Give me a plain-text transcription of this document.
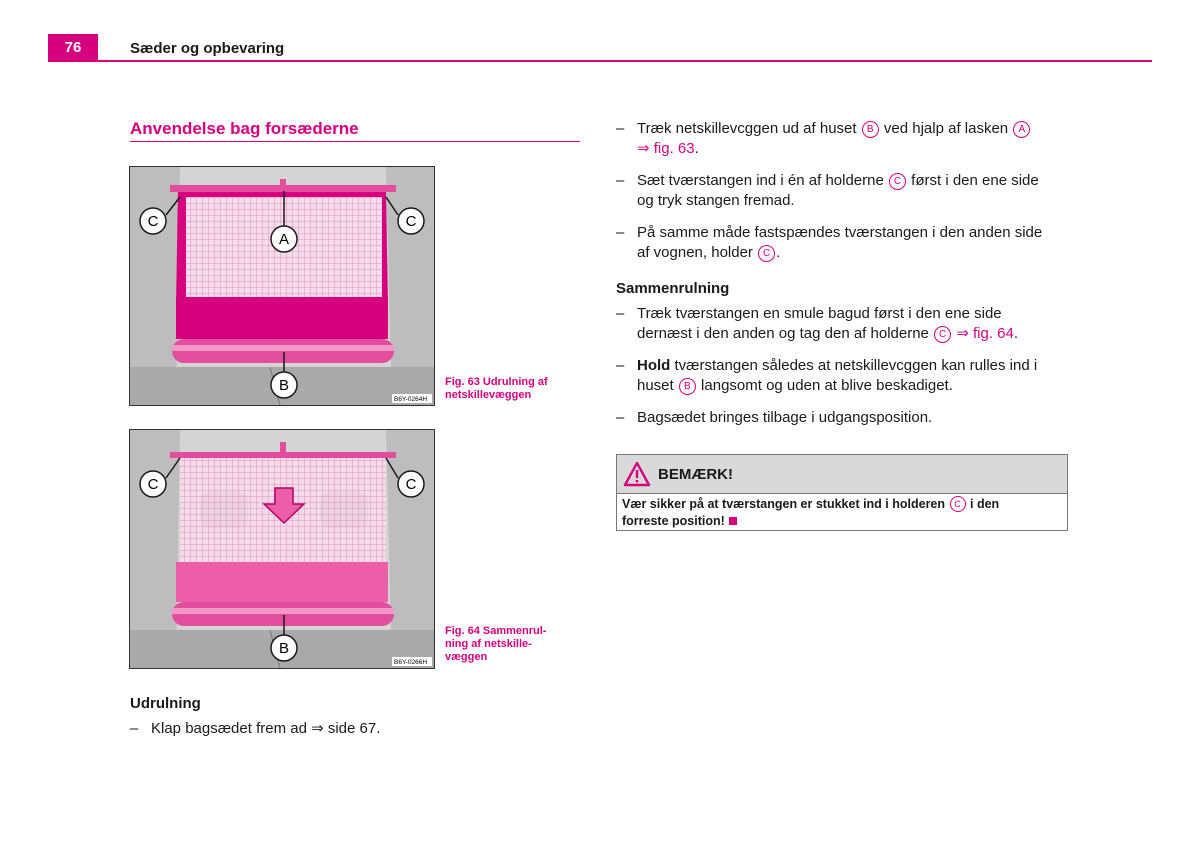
76	Sæder og opbevaring
Anvendelse bag forsæderne
A
B
C	C
B6Y-0264H
Fig. 63 Udrulning af
netskillevæggen
B
C	C
B6Y-0266H
Fig. 64 Sammenrul-
ning af netskille-
væggen
Udrulning
– Klap bagsædet frem ad ⇒ side 67.
– Træk netskillevcggen ud af huset B ved hjalp af lasken A
⇒ fig. 63.
– Sæt tværstangen ind i én af holderne C først i den ene side
og tryk stangen fremad.
– På samme måde fastspændes tværstangen i den anden side
af vognen, holder C .
Sammenrulning
– Træk tværstangen en smule bagud først i den ene side
dernæst i den anden og tag den af holderne C ⇒ fig. 64.
– Hold tværstangen således at netskillevcggen kan rulles ind i
huset B langsomt og uden at blive beskadiget.
– Bagsædet bringes tilbage i udgangsposition.
BEMÆRK!
Vær sikker på at tværstangen er stukket ind i holderen C i den
forreste position!
